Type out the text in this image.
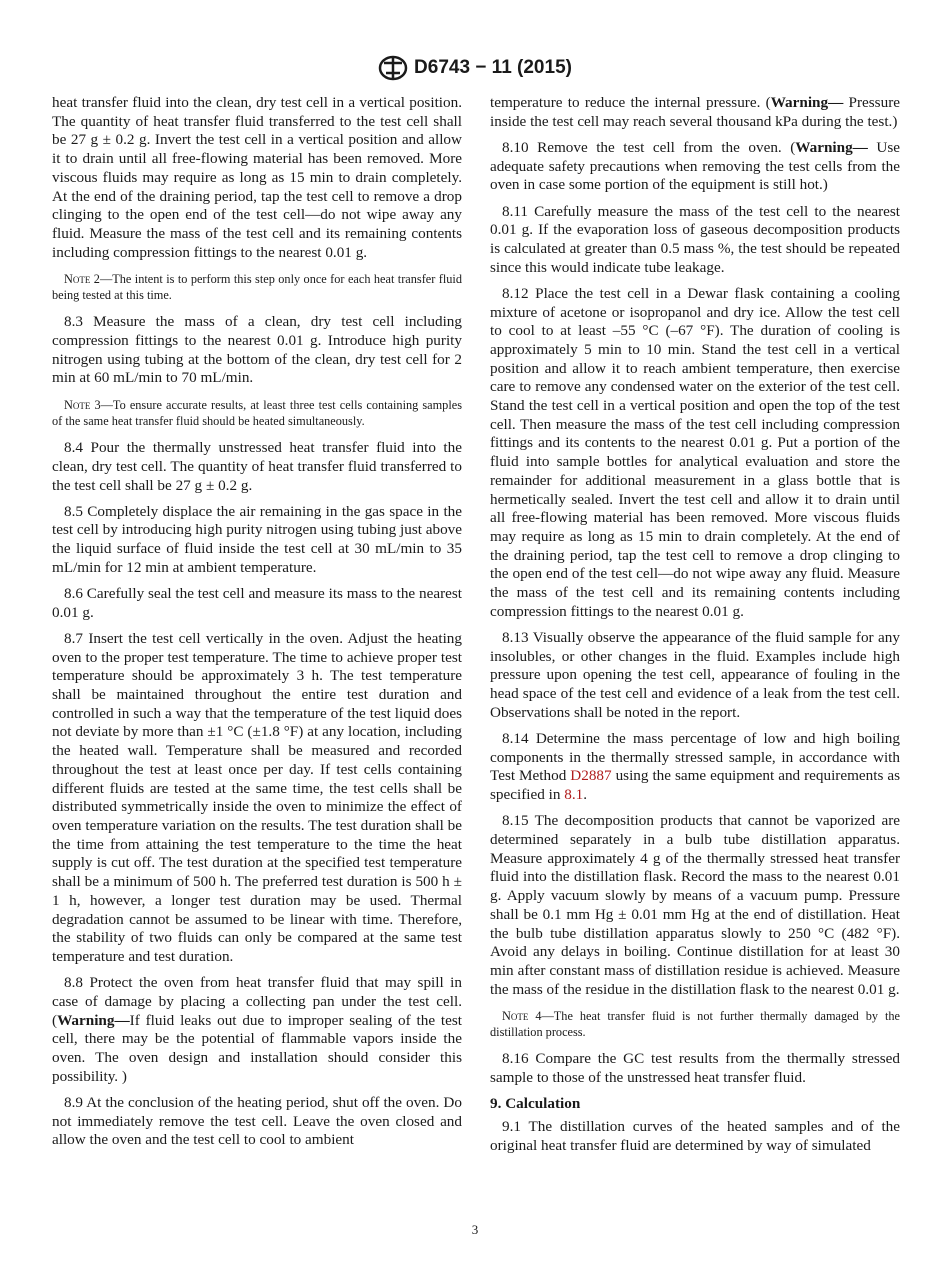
D6743 − 11 (2015)

heat transfer fluid into the clean, dry test cell in a vertical position. The quantity of heat transfer fluid transferred to the test cell shall be 27 g ± 0.2 g. Invert the test cell in a vertical position and allow it to drain until all free-flowing material has been removed. More viscous fluids may require as long as 15 min to drain completely. At the end of the draining period, tap the test cell to remove a drop clinging to the open end of the test cell—do not wipe away any fluid. Measure the mass of the test cell and its remaining contents including compression fittings to the nearest 0.01 g.

Note 2—The intent is to perform this step only once for each heat transfer fluid being tested at this time.

8.3 Measure the mass of a clean, dry test cell including compression fittings to the nearest 0.01 g. Introduce high purity nitrogen using tubing at the bottom of the clean, dry test cell for 2 min at 60 mL/min to 70 mL/min.

Note 3—To ensure accurate results, at least three test cells containing samples of the same heat transfer fluid should be heated simultaneously.

8.4 Pour the thermally unstressed heat transfer fluid into the clean, dry test cell. The quantity of heat transfer fluid transferred to the test cell shall be 27 g ± 0.2 g.

8.5 Completely displace the air remaining in the gas space in the test cell by introducing high purity nitrogen using tubing just above the liquid surface of fluid inside the test cell at 30 mL/min to 35 mL/min for 12 min at ambient temperature.

8.6 Carefully seal the test cell and measure its mass to the nearest 0.01 g.

8.7 Insert the test cell vertically in the oven. Adjust the heating oven to the proper test temperature. The time to achieve proper test temperature should be approximately 3 h. The test temperature shall be maintained throughout the entire test duration and controlled in such a way that the temperature of the test liquid does not deviate by more than ±1 °C (±1.8 °F) at any location, including the heated wall. Temperature shall be measured and recorded throughout the test at least once per day. If test cells containing different fluids are tested at the same time, the test cells shall be distributed symmetrically inside the oven to minimize the effect of oven temperature variation on the results. The test duration shall be the time from attaining the test temperature to the time the heat supply is cut off. The test duration at the specified test temperature shall be a minimum of 500 h. The preferred test duration is 500 h ± 1 h, however, a longer test duration may be used. Thermal degradation cannot be assumed to be linear with time. Therefore, the stability of two fluids can only be compared at the same test temperature and test duration.

8.8 Protect the oven from heat transfer fluid that may spill in case of damage by placing a collecting pan under the test cell. (Warning—If fluid leaks out due to improper sealing of the test cell, there may be the potential of flammable vapors inside the oven. The oven design and installation should consider this possibility. )

8.9 At the conclusion of the heating period, shut off the oven. Do not immediately remove the test cell. Leave the oven closed and allow the oven and the test cell to cool to ambient

temperature to reduce the internal pressure. (Warning— Pressure inside the test cell may reach several thousand kPa during the test.)

8.10 Remove the test cell from the oven. (Warning— Use adequate safety precautions when removing the test cells from the oven in case some portion of the equipment is still hot.)

8.11 Carefully measure the mass of the test cell to the nearest 0.01 g. If the evaporation loss of gaseous decomposition products is calculated at greater than 0.5 mass %, the test should be repeated since this would indicate tube leakage.

8.12 Place the test cell in a Dewar flask containing a cooling mixture of acetone or isopropanol and dry ice. Allow the test cell to cool to at least –55 °C (–67 °F). The duration of cooling is approximately 5 min to 10 min. Stand the test cell in a vertical position and allow it to reach ambient temperature, then exercise care to remove any condensed water on the exterior of the test cell. Stand the test cell in a vertical position and open the top of the test cell. Then measure the mass of the test cell including compression fittings and its contents to the nearest 0.01 g. Put a portion of the fluid into sample bottles for analytical evaluation and store the remainder for additional measurement in a glass bottle that is hermetically sealed. Invert the test cell and allow it to drain until all free-flowing material has been removed. More viscous fluids may require as long as 15 min to drain completely. At the end of the draining period, tap the test cell to remove a drop clinging to the open end of the test cell—do not wipe away any fluid. Measure the mass of the test cell and its remaining contents including compression fittings to the nearest 0.01 g.

8.13 Visually observe the appearance of the fluid sample for any insolubles, or other changes in the fluid. Examples include high pressure upon opening the test cell, appearance of fouling in the head space of the test cell and evidence of a leak from the test cell. Observations shall be noted in the report.

8.14 Determine the mass percentage of low and high boiling components in the thermally stressed sample, in accordance with Test Method D2887 using the same equipment and requirements as specified in 8.1.

8.15 The decomposition products that cannot be vaporized are determined separately in a bulb tube distillation apparatus. Measure approximately 4 g of the thermally stressed heat transfer fluid into the distillation flask. Record the mass to the nearest 0.01 g. Apply vacuum slowly by means of a vacuum pump. Pressure shall be 0.1 mm Hg ± 0.01 mm Hg at the end of distillation. Heat the bulb tube distillation apparatus slowly to 250 °C (482 °F). Avoid any delays in boiling. Continue distillation for at least 30 min after constant mass of distillation residue is achieved. Measure the mass of the residue in the distillation flask to the nearest 0.01 g.

Note 4—The heat transfer fluid is not further thermally damaged by the distillation process.

8.16 Compare the GC test results from the thermally stressed sample to those of the unstressed heat transfer fluid.

9. Calculation

9.1 The distillation curves of the heated samples and of the original heat transfer fluid are determined by way of simulated

3
